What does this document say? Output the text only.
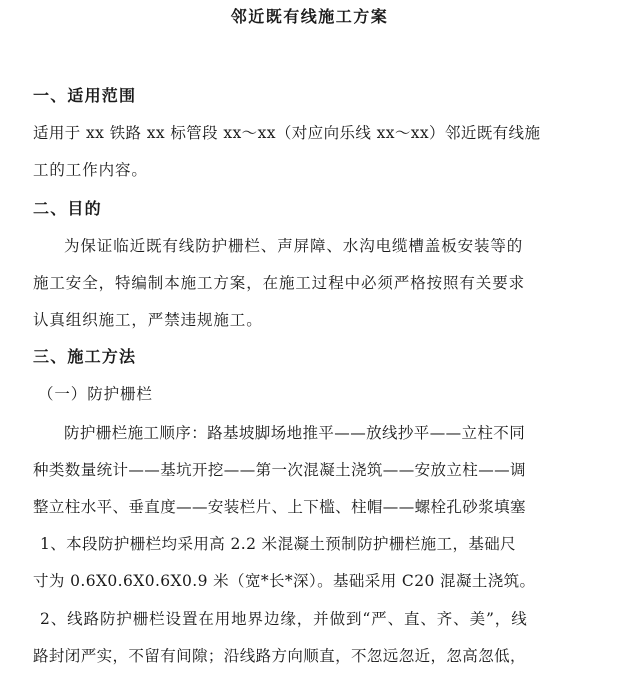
邻近既有线施工方案
一、适用范围
适用于 xx 铁路 xx 标管段 xx～xx（对应向乐线 xx～xx）邻近既有线施
工的工作内容。
二、目的
为保证临近既有线防护栅栏、声屏障、水沟电缆槽盖板安装等的
施工安全，特编制本施工方案，在施工过程中必须严格按照有关要求
认真组织施工，严禁违规施工。
三、施工方法
（一）防护栅栏
防护栅栏施工顺序：路基坡脚场地推平——放线抄平——立柱不同
种类数量统计——基坑开挖——第一次混凝土浇筑——安放立柱——调
整立柱水平、垂直度——安装栏片、上下槛、柱帽——螺栓孔砂浆填塞
1、本段防护栅栏均采用高 2.2 米混凝土预制防护栅栏施工，基础尺
寸为 0.6X0.6X0.6X0.9 米（宽*长*深）。基础采用 C20 混凝土浇筑。
2、线路防护栅栏设置在用地界边缘，并做到“严、直、齐、美”，线
路封闭严实，不留有间隙；沿线路方向顺直，不忽远忽近，忽高忽低，
